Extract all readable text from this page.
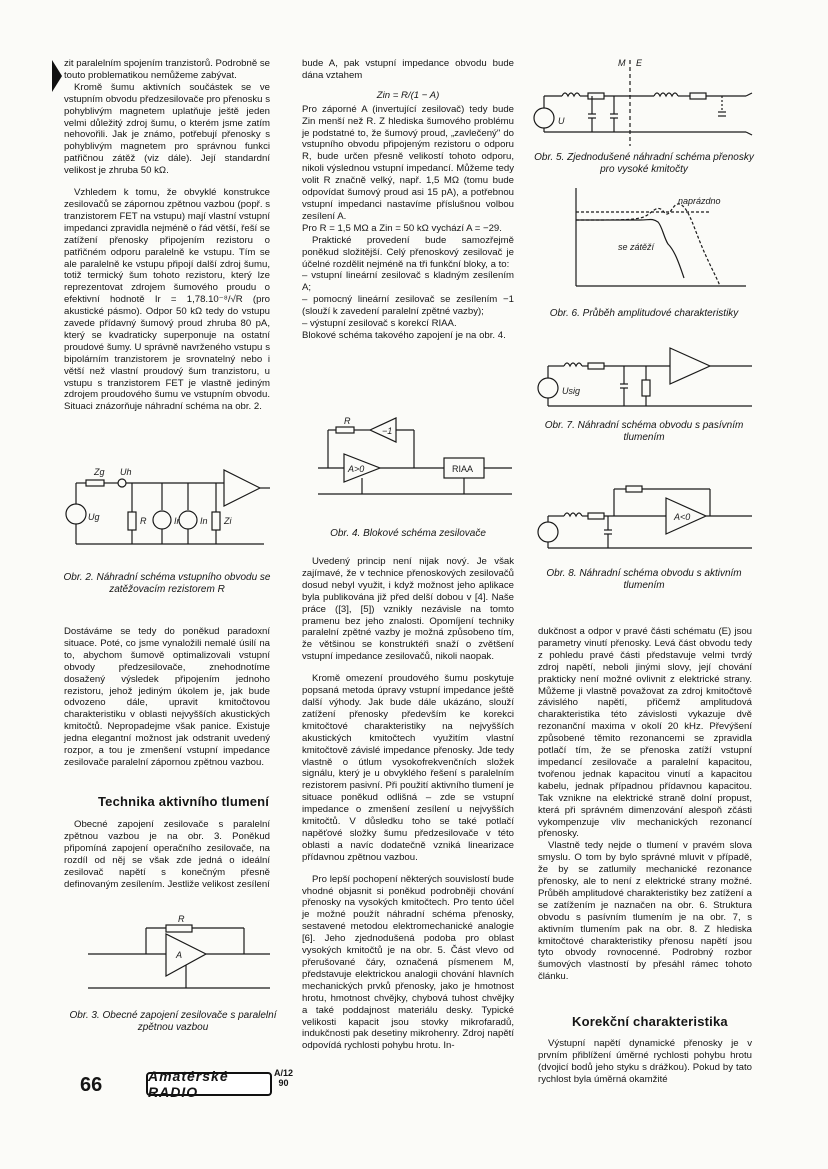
zit paralelním spojením tranzistorů. Podrobně se touto problematikou nemůžeme zabývat.

Kromě šumu aktivních součástek se ve vstupním obvodu předzesilovače pro přenosku s pohyblivým magnetem uplatňuje ještě jeden velmi důležitý zdroj šumu, o kterém jsme zatím nehovořili. Jak je známo, potřebují přenosky s pohyblivým magnetem pro správnou funkci patřičnou zátěž (viz dále). Její standardní velikost je zhruba 50 kΩ.

Vzhledem k tomu, že obvyklé konstrukce zesilovačů se zápornou zpětnou vazbou (popř. s tranzistorem FET na vstupu) mají vlastní vstupní impedanci zpravidla nejméně o řád větší, řeší se zatížení přenosky připojením rezistoru o patřičném odporu paralelně ke vstupu. Tím se ale paralelně ke vstupu připojí další zdroj šumu, totiž termický šum tohoto rezistoru, který lze reprezentovat zdrojem šumového proudu o efektivní hodnotě Ir = 1,78.10⁻⁸/√R (pro akustické pásmo). Odpor 50 kΩ tedy do vstupu zavede přídavný šumový proud zhruba 80 pA, který se kvadraticky superponuje na ostatní proudové šumy. U správně navrženého vstupu s bipolárním tranzistorem je srovnatelný nebo i větší než vlastní proudový šum tranzistoru, u vstupu s tranzistorem FET je vlastně jediným zdrojem proudového šumu ve vstupním obvodu. Situaci znázorňuje náhradní schéma na obr. 2.

Zg Uh
Ug	R	Ir In Zi
Obr. 2. Náhradní schéma vstupního obvodu se zatěžovacím rezistorem R

Dostáváme se tedy do poněkud paradoxní situace. Poté, co jsme vynaložili nemalé úsilí na to, abychom šumově optimalizovali vstupní obvody předzesilovače, znehodnotíme dosažený výsledek připojením jednoho rezistoru, jehož jediným úkolem je, jak bude odvozeno dále, upravit kmitočtovou charakteristiku v oblasti nejvyšších akustických kmitočtů. Nepropadejme však panice. Existuje jedna elegantní možnost jak odstranit uvedený rozpor, a tou je zmenšení vstupní impedance zesilovače paralelní zápornou zpětnou vazbou.

Technika aktivního tlumení

Obecné zapojení zesilovače s paralelní zpětnou vazbou je na obr. 3. Poněkud připomíná zapojení operačního zesilovače, na rozdíl od něj se však zde jedná o ideální zesilovač napětí s konečným přesně definovaným zesílením. Jestliže velikost zesílení

R
A
Obr. 3. Obecné zapojení zesilovače s paralelní zpětnou vazbou

bude A, pak vstupní impedance obvodu bude dána vztahem

Zin = R/(1 − A)

Pro záporné A (invertující zesilovač) tedy bude Zin menší než R. Z hlediska šumového problému je podstatné to, že šumový proud, „zavlečený" do vstupního obvodu připojeným rezistoru o odporu R, bude určen přesně velikostí tohoto odporu, nikoli výslednou vstupní impedancí. Můžeme tedy volit R značně velký, např. 1,5 MΩ (tomu bude odpovídat šumový proud asi 15 pA), a potřebnou vstupní impedanci nastavíme příslušnou volbou zesílení A.

Pro R = 1,5 MΩ a Zin = 50 kΩ vychází A = −29.

Praktické provedení bude samozřejmě poněkud složitější. Celý přenoskový zesilovač je účelné rozdělit nejméně na tři funkční bloky, a to:

– vstupní lineární zesilovač s kladným zesílením A;
– pomocný lineární zesilovač se zesílením −1 (slouží k zavedení paralelní zpětné vazby);
– výstupní zesilovač s korekcí RIAA.

Blokové schéma takového zapojení je na obr. 4.

R
−1
A>0	RIAA
Obr. 4. Blokové schéma zesilovače

Uvedený princip není nijak nový. Je však zajímavé, že v technice přenoskových zesilovačů dosud nebyl využit, i když možnost jeho aplikace byla publikována již před delší dobou v [4]. Naše práce ([3], [5]) vznikly nezávisle na tomto pramenu bez jeho znalosti. Opomíjení techniky paralelní zpětné vazby je možná způsobeno tím, že většinou se konstruktéři snaží o zvětšení vstupní impedance zesilovačů, nikoli naopak.

Kromě omezení proudového šumu poskytuje popsaná metoda úpravy vstupní impedance ještě další výhody. Jak bude dále ukázáno, slouží zatížení přenosky především ke korekci kmitočtové charakteristiky na nejvyšších akustických kmitočtech využitím vlastní kmitočtově závislé impedance přenosky. Jde tedy vlastně o útlum vysokofrekvenčních složek signálu, který je u obvyklého řešení s paralelním rezistorem pasivní. Při použití aktivního tlumení je situace poněkud odlišná – zde se vstupní impedance o zmenšení zesílení u nejvyšších kmitočtů. V důsledku toho se také potlačí napěťové složky šumu předzesilovače v této oblasti a navíc dodatečně vzniká linearizace přídavnou zpětnou vazbou.

Pro lepší pochopení některých souvislostí bude vhodné objasnit si poněkud podrobněji chování přenosky na vysokých kmitočtech. Pro tento účel je možné použít náhradní schéma přenosky, sestavené metodou elektromechanické analogie [6]. Jeho zjednodušená podoba pro oblast vysokých kmitočtů je na obr. 5. Část vlevo od přerušované čáry, označená písmenem M, představuje elektrickou analogii chování hlavních mechanických prvků přenosky, jako je hmotnost hrotu, hmotnost chvějky, chybová tuhost chvějky a také poddajnost materiálu desky. Typické velikosti kapacit jsou stovky mikrofaradů, indukčnosti pak desetiny mikrohenry. Zdroj napětí odpovídá rychlosti pohybu hrotu. In-

M E
U
Obr. 5. Zjednodušené náhradní schéma přenosky pro vysoké kmitočty
naprázdno
se zátěží
Obr. 6. Průběh amplitudové charakteristiky
Usig
Obr. 7. Náhradní schéma obvodu s pasívním tlumením
A<0
Obr. 8. Náhradní schéma obvodu s aktivním tlumením

dukčnost a odpor v pravé části schématu (E) jsou parametry vinutí přenosky. Levá část obvodu tedy z pohledu pravé části představuje velmi tvrdý zdroj napětí, neboli jinými slovy, její chování prakticky není možné ovlivnit z elektrické strany. Můžeme ji vlastně považovat za zdroj kmitočtově závislého napětí, přičemž amplitudová charakteristika této závislosti vykazuje dvě rezonanční maxima v okolí 20 kHz. Převýšení způsobené těmito rezonancemi se zpravidla potlačí tím, že se přenoska zatíží vstupní impedancí zesilovače a paralelní kapacitou, tvořenou jednak kapacitou vinutí a kapacitou kabelu, jednak případnou přídavnou kapacitou. Tak vznikne na elektrické straně dolní propust, která při správném dimenzování alespoň zčásti vykompenzuje vliv mechanických rezonancí přenosky.

Vlastně tedy nejde o tlumení v pravém slova smyslu. O tom by bylo správné mluvit v případě, že by se zatlumily mechanické rezonance přenosky, ale to není z elektrické strany možné. Průběh amplitudové charakteristiky bez zatížení a se zatížením je naznačen na obr. 6. Struktura obvodu s pasívním tlumením je na obr. 7, s aktivním tlumením pak na obr. 8. Z hlediska kmitočtové charakteristiky přenosu napětí jsou tyto obvody rovnocenné. Podrobný rozbor šumových vlastností by přesáhl rámec tohoto článku.

Korekční charakteristika

Výstupní napětí dynamické přenosky je v prvním přiblížení úměrné rychlosti pohybu hrotu (dvojicí bodů jeho styku s drážkou). Pokud by tato rychlost byla úměrná okamžité

66	Amatérské RADIO
A/12
90
